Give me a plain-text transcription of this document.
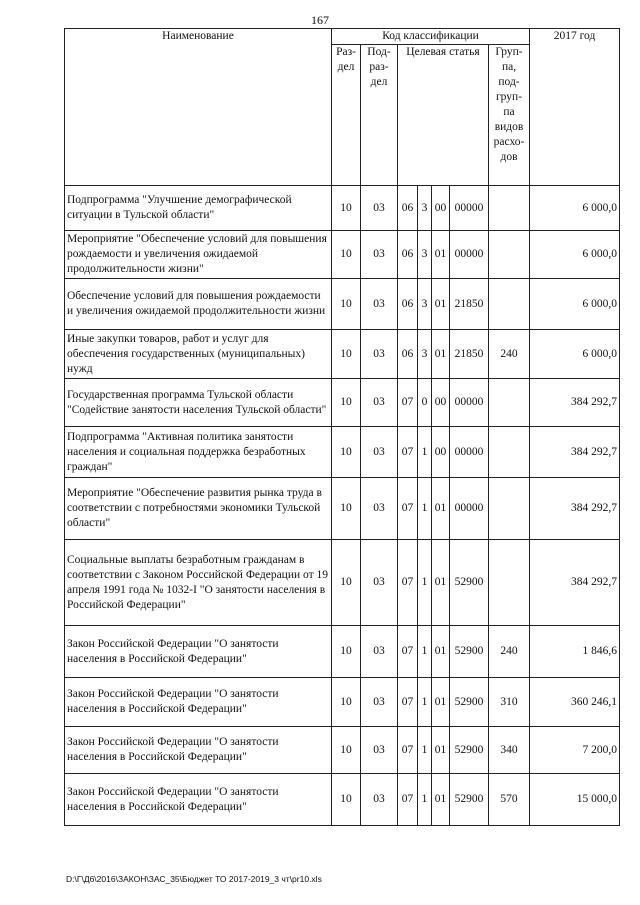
167
Наименование	Код классификации							2017 год
	Раз- дел	Под- раз- дел	Целевая статья				Груп- па, под- груп- па видов расхо- дов	
Подпрограмма "Улучшение демографической ситуации в Тульской области"	10	03	06	3	00	00000		6 000,0
Мероприятие "Обеспечение условий для повышения рождаемости и увеличения ожидаемой продолжительности жизни"	10	03	06	3	01	00000		6 000,0
Обеспечение условий для повышения рождаемости и увеличения ожидаемой продолжительности жизни	10	03	06	3	01	21850		6 000,0
Иные закупки товаров, работ и услуг для обеспечения государственных (муниципальных) нужд	10	03	06	3	01	21850	240	6 000,0
Государственная программа Тульской области "Содействие занятости населения Тульской области"	10	03	07	0	00	00000		384 292,7
Подпрограмма "Активная политика занятости населения и социальная поддержка безработных граждан"	10	03	07	1	00	00000		384 292,7
Мероприятие "Обеспечение развития рынка труда в соответствии с потребностями экономики Тульской области"	10	03	07	1	01	00000		384 292,7
Социальные выплаты безработным гражданам в соответствии с Законом Российской Федерации от 19 апреля 1991 года № 1032-I "О занятости населения в Российской Федерации"	10	03	07	1	01	52900		384 292,7
Закон Российской Федерации "О занятости населения в Российской Федерации"	10	03	07	1	01	52900	240	1 846,6
Закон Российской Федерации "О занятости населения в Российской Федерации"	10	03	07	1	01	52900	310	360 246,1
Закон Российской Федерации "О занятости населения в Российской Федерации"	10	03	07	1	01	52900	340	7 200,0
Закон Российской Федерации "О занятости населения в Российской Федерации"	10	03	07	1	01	52900	570	15 000,0
D:\Г\Д6\2016\ЗАКОН\ЗАС_35\Бюджет ТО 2017-2019_3 чт\pr10.xls
